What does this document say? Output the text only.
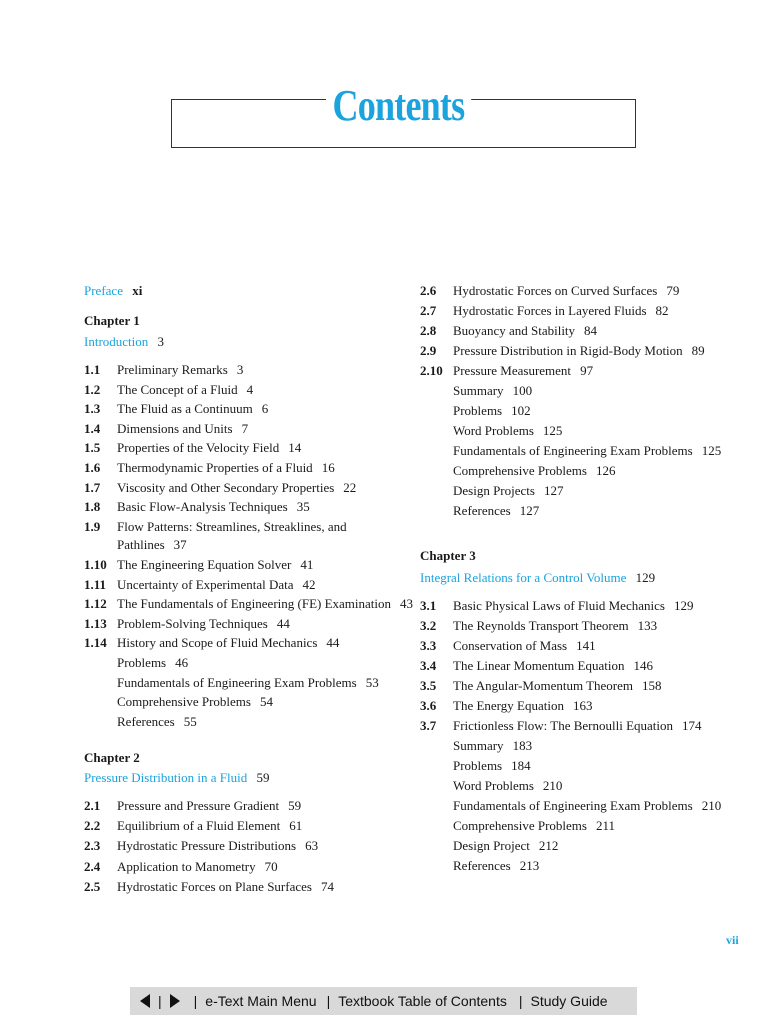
Contents
Preface xi
Chapter 1
Introduction 3
1.1 Preliminary Remarks 3
1.2 The Concept of a Fluid 4
1.3 The Fluid as a Continuum 6
1.4 Dimensions and Units 7
1.5 Properties of the Velocity Field 14
1.6 Thermodynamic Properties of a Fluid 16
1.7 Viscosity and Other Secondary Properties 22
1.8 Basic Flow-Analysis Techniques 35
1.9 Flow Patterns: Streamlines, Streaklines, and
Pathlines 37
1.10 The Engineering Equation Solver 41
1.11 Uncertainty of Experimental Data 42
1.12 The Fundamentals of Engineering (FE) Examination 43
1.13 Problem-Solving Techniques 44
1.14 History and Scope of Fluid Mechanics 44
Problems 46
Fundamentals of Engineering Exam Problems 53
Comprehensive Problems 54
References 55
Chapter 2
Pressure Distribution in a Fluid 59
2.1 Pressure and Pressure Gradient 59
2.2 Equilibrium of a Fluid Element 61
2.3 Hydrostatic Pressure Distributions 63
2.4 Application to Manometry 70
2.5 Hydrostatic Forces on Plane Surfaces 74
2.6 Hydrostatic Forces on Curved Surfaces 79
2.7 Hydrostatic Forces in Layered Fluids 82
2.8 Buoyancy and Stability 84
2.9 Pressure Distribution in Rigid-Body Motion 89
2.10 Pressure Measurement 97
Summary 100
Problems 102
Word Problems 125
Fundamentals of Engineering Exam Problems 125
Comprehensive Problems 126
Design Projects 127
References 127
Chapter 3
Integral Relations for a Control Volume 129
3.1 Basic Physical Laws of Fluid Mechanics 129
3.2 The Reynolds Transport Theorem 133
3.3 Conservation of Mass 141
3.4 The Linear Momentum Equation 146
3.5 The Angular-Momentum Theorem 158
3.6 The Energy Equation 163
3.7 Frictionless Flow: The Bernoulli Equation 174
Summary 183
Problems 184
Word Problems 210
Fundamentals of Engineering Exam Problems 210
Comprehensive Problems 211
Design Project 212
References 213
vii
| | e-Text Main Menu | Textbook Table of Contents | Study Guide
